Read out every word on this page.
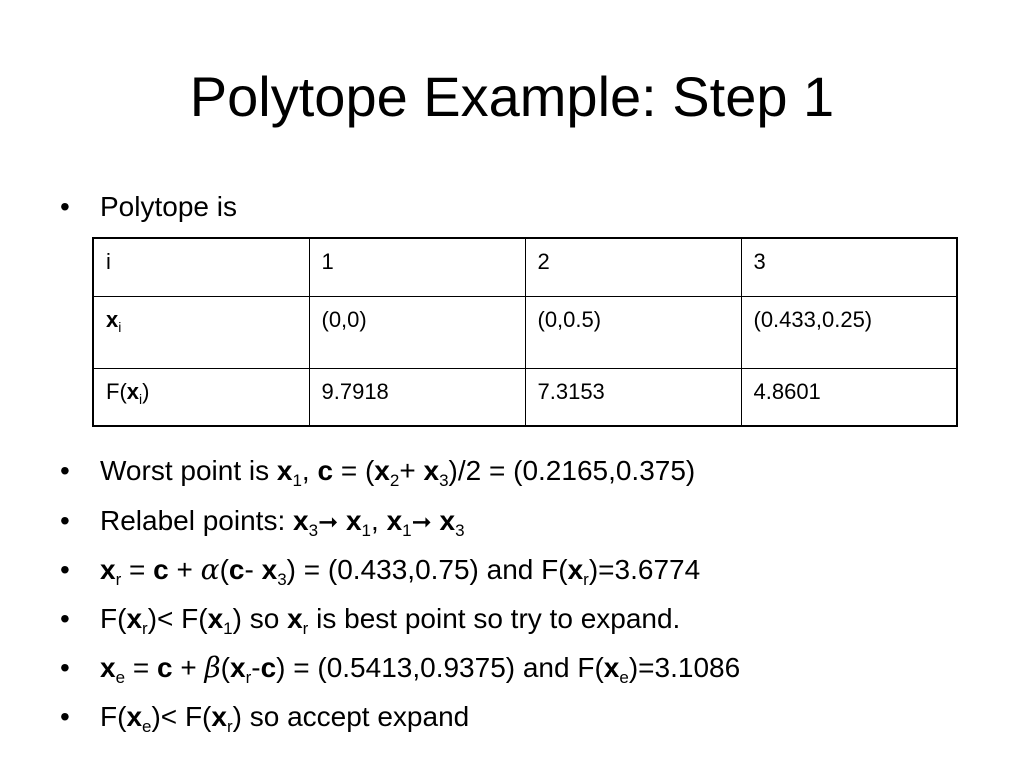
Polytope Example: Step 1
• Polytope is
i	1	2	3
$x_i$	(0,0)	(0,0.5)	(0.433,0.25)
$F(x_i)$	9.7918	7.3153	4.8601
• Worst point is $x_1$, $c = (x_2+ x_3)/2 = (0.2165,0.375)$
• Relabel points: $x_3➞$ $x_1$, $x_1➞$ $x_3$
• $x_r = c + \alpha(c-$ $x_3) = (0.433,0.75)$ and $F(x_r)=3.6774$
• $F(x_r)< F(x_1)$ so $x_r$ is best point so try to expand.
• $x_e = c + \beta(x_r-c) = (0.5413,0.9375)$ and $F(x_e)=3.1086$
• $F(x_e)< F(x_r)$ so accept expand
